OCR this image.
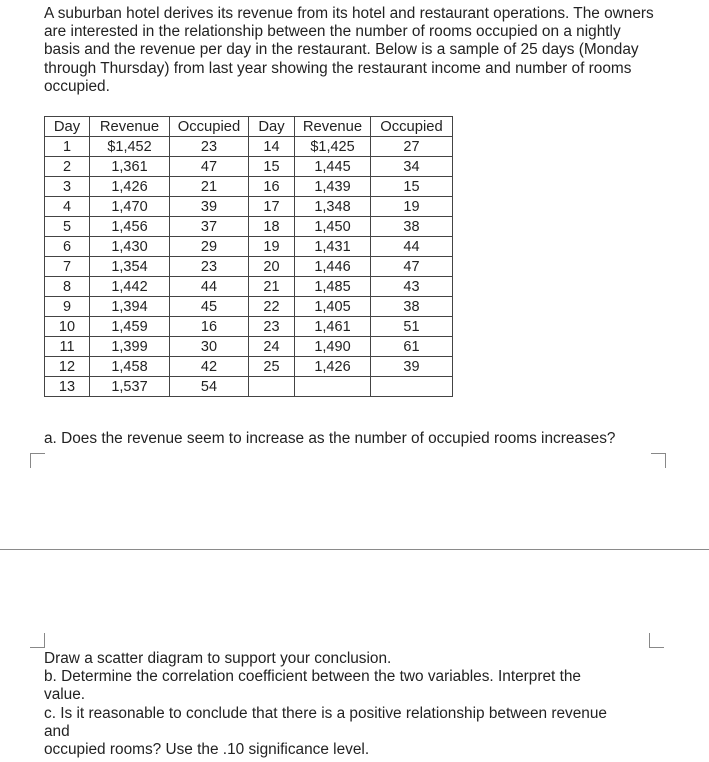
A suburban hotel derives its revenue from its hotel and restaurant operations. The owners are interested in the relationship between the number of rooms occupied on a nightly basis and the revenue per day in the restaurant. Below is a sample of 25 days (Monday through Thursday) from last year showing the restaurant income and number of rooms occupied.

Day	Revenue	Occupied	Day	Revenue	Occupied
1	$1,452	23	14	$1,425	27
2	1,361	47	15	1,445	34
3	1,426	21	16	1,439	15
4	1,470	39	17	1,348	19
5	1,456	37	18	1,450	38
6	1,430	29	19	1,431	44
7	1,354	23	20	1,446	47
8	1,442	44	21	1,485	43
9	1,394	45	22	1,405	38
10	1,459	16	23	1,461	51
11	1,399	30	24	1,490	61
12	1,458	42	25	1,426	39
13	1,537	54			

a. Does the revenue seem to increase as the number of occupied rooms increases?

Draw a scatter diagram to support your conclusion.
b. Determine the correlation coefficient between the two variables. Interpret the
value.
c. Is it reasonable to conclude that there is a positive relationship between revenue
and
occupied rooms? Use the .10 significance level.
